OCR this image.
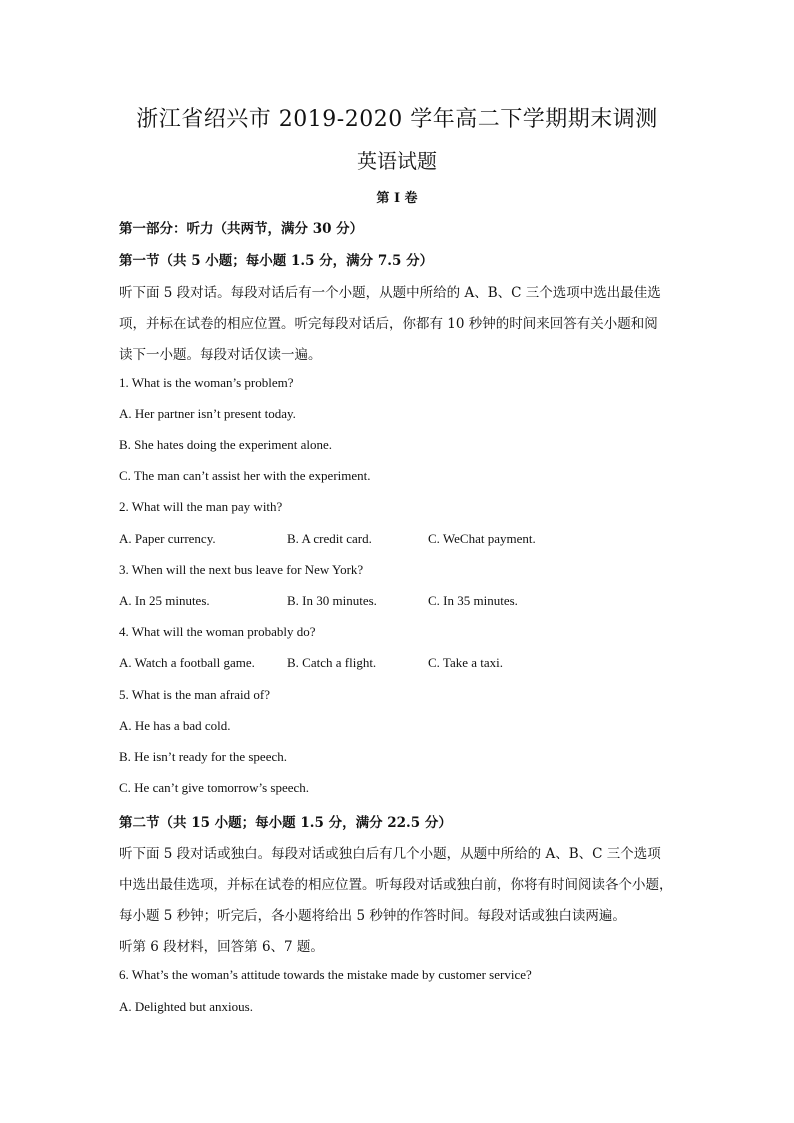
浙江省绍兴市 2019-2020 学年高二下学期期末调测
英语试题
第 I 卷
第一部分：听力（共两节，满分 30 分）
第一节（共 5 小题；每小题 1.5 分，满分 7.5 分）
听下面 5 段对话。每段对话后有一个小题，从题中所给的 A、B、C 三个选项中选出最佳选
项，并标在试卷的相应位置。听完每段对话后，你都有 10 秒钟的时间来回答有关小题和阅
读下一小题。每段对话仅读一遍。
1. What is the woman’s problem?
A. Her partner isn’t present today.
B. She hates doing the experiment alone.
C. The man can’t assist her with the experiment.
2. What will the man pay with?
A. Paper currency.	B. A credit card.	C. WeChat payment.
3. When will the next bus leave for New York?
A. In 25 minutes.	B. In 30 minutes.	C. In 35 minutes.
4. What will the woman probably do?
A. Watch a football game. B. Catch a flight.	C. Take a taxi.
5. What is the man afraid of?
A. He has a bad cold.
B. He isn’t ready for the speech.
C. He can’t give tomorrow’s speech.
第二节（共 15 小题；每小题 1.5 分，满分 22.5 分）
听下面 5 段对话或独白。每段对话或独白后有几个小题，从题中所给的 A、B、C 三个选项
中选出最佳选项，并标在试卷的相应位置。听每段对话或独白前，你将有时间阅读各个小题，
每小题 5 秒钟；听完后，各小题将给出 5 秒钟的作答时间。每段对话或独白读两遍。
听第 6 段材料，回答第 6、7 题。
6. What’s the woman’s attitude towards the mistake made by customer service?
A. Delighted but anxious.
